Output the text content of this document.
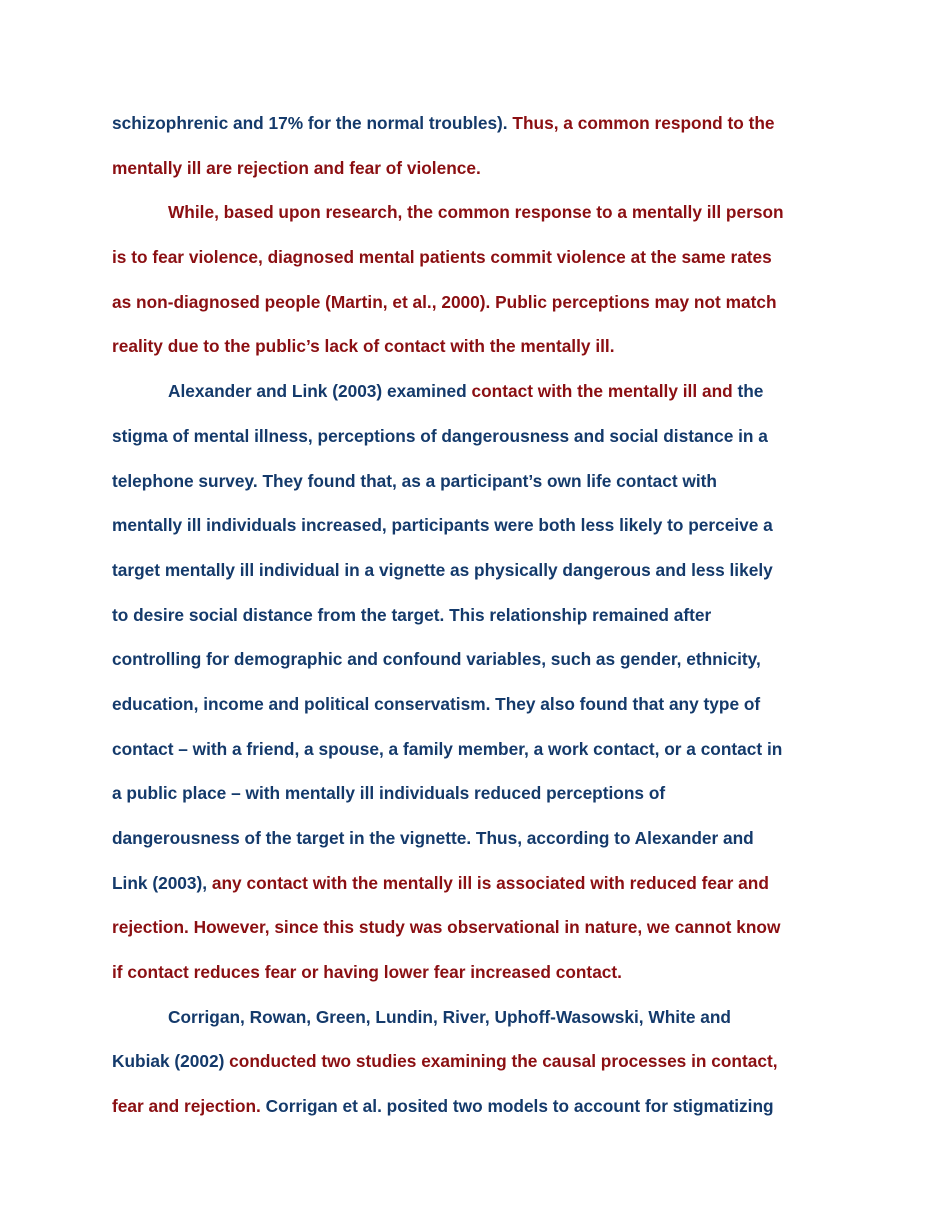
schizophrenic and 17% for the normal troubles). Thus, a common respond to the
mentally ill are rejection and fear of violence.
While, based upon research, the common response to a mentally ill person
is to fear violence, diagnosed mental patients commit violence at the same rates
as non-diagnosed people (Martin, et al., 2000). Public perceptions may not match
reality due to the public’s lack of contact with the mentally ill.
Alexander and Link (2003) examined contact with the mentally ill and the
stigma of mental illness, perceptions of dangerousness and social distance in a
telephone survey. They found that, as a participant’s own life contact with
mentally ill individuals increased, participants were both less likely to perceive a
target mentally ill individual in a vignette as physically dangerous and less likely
to desire social distance from the target. This relationship remained after
controlling for demographic and confound variables, such as gender, ethnicity,
education, income and political conservatism. They also found that any type of
contact – with a friend, a spouse, a family member, a work contact, or a contact in
a public place – with mentally ill individuals reduced perceptions of
dangerousness of the target in the vignette. Thus, according to Alexander and
Link (2003), any contact with the mentally ill is associated with reduced fear and
rejection. However, since this study was observational in nature, we cannot know
if contact reduces fear or having lower fear increased contact.
Corrigan, Rowan, Green, Lundin, River, Uphoff-Wasowski, White and
Kubiak (2002) conducted two studies examining the causal processes in contact,
fear and rejection. Corrigan et al. posited two models to account for stigmatizing
